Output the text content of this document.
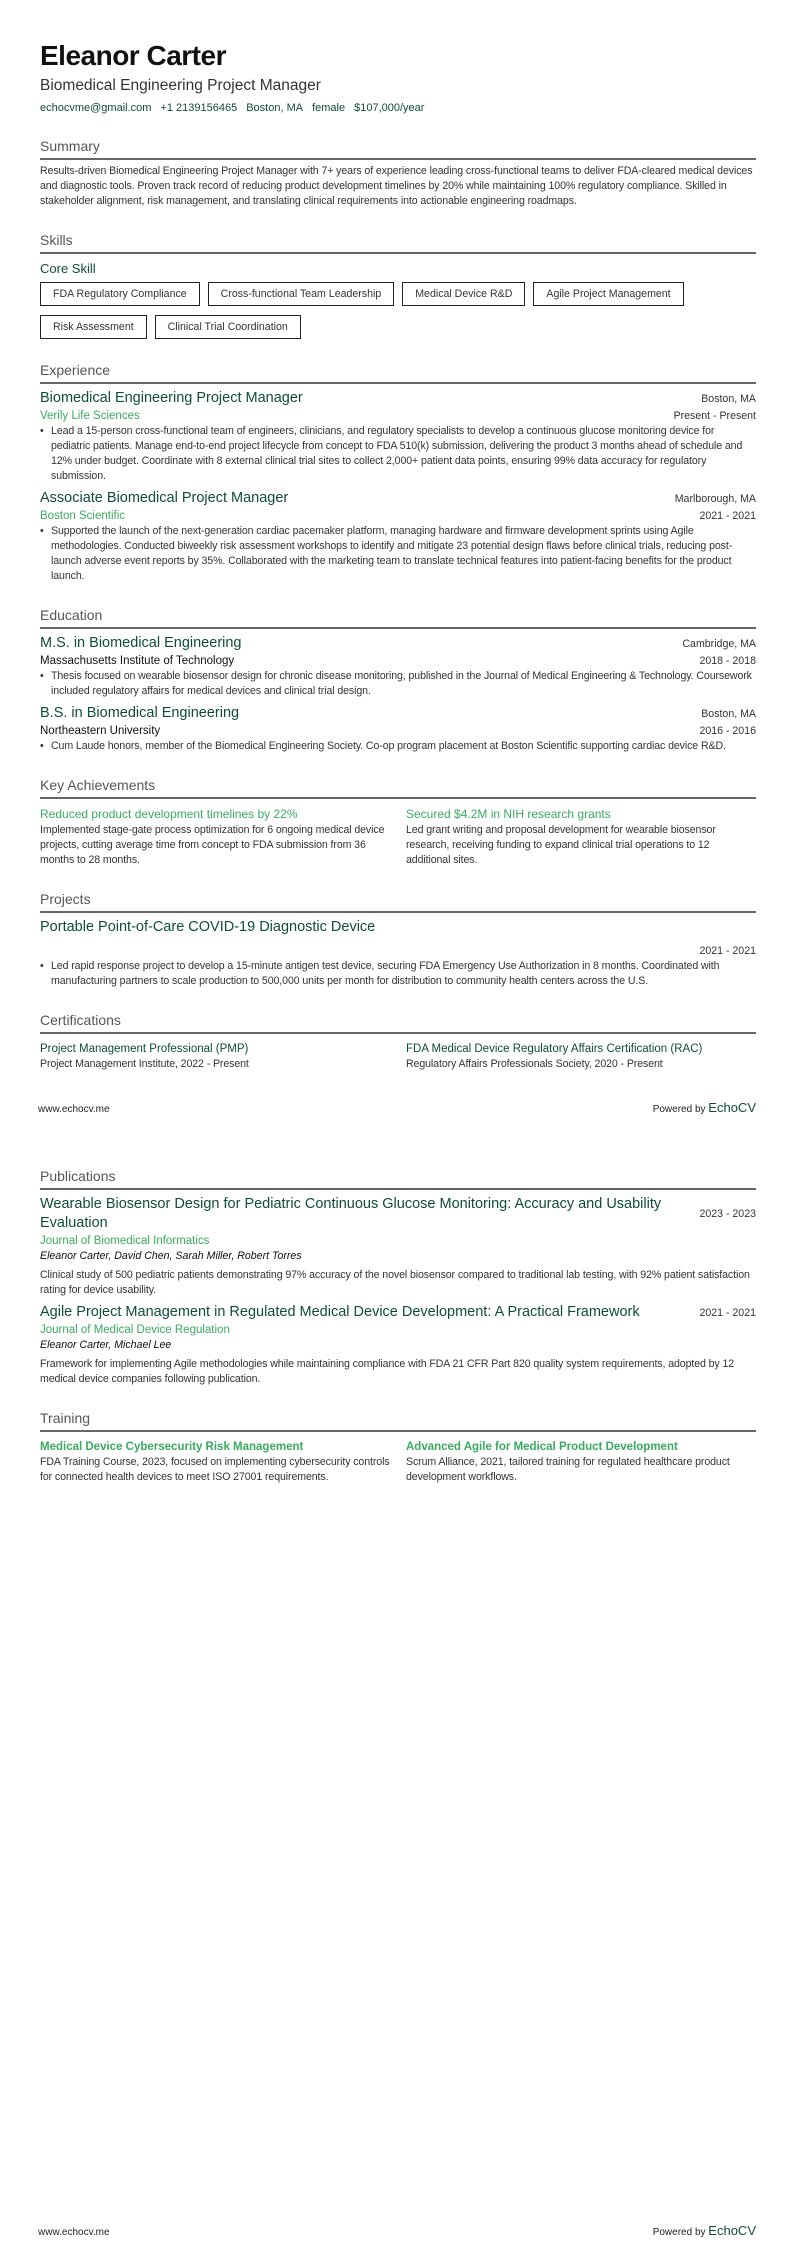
Eleanor Carter
Biomedical Engineering Project Manager
echocvme@gmail.com +1 2139156465 Boston, MA female $107,000/year
Summary

Results-driven Biomedical Engineering Project Manager with 7+ years of experience leading cross-functional teams to deliver FDA-cleared medical devices and diagnostic tools. Proven track record of reducing product development timelines by 20% while maintaining 100% regulatory compliance. Skilled in stakeholder alignment, risk management, and translating clinical requirements into actionable engineering roadmaps.

Skills
Core Skill
FDA Regulatory Compliance	Cross-functional Team Leadership	Medical Device R&D	Agile Project Management
Risk Assessment	Clinical Trial Coordination
Experience
Biomedical Engineering Project Manager	Boston, MA
Verily Life Sciences	Present - Present
• Lead a 15-person cross-functional team of engineers, clinicians, and regulatory specialists to develop a continuous glucose monitoring device for pediatric patients. Manage end-to-end project lifecycle from concept to FDA 510(k) submission, delivering the product 3 months ahead of schedule and 12% under budget. Coordinate with 8 external clinical trial sites to collect 2,000+ patient data points, ensuring 99% data accuracy for regulatory submission.
Associate Biomedical Project Manager	Marlborough, MA
Boston Scientific	2021 - 2021
• Supported the launch of the next-generation cardiac pacemaker platform, managing hardware and firmware development sprints using Agile methodologies. Conducted biweekly risk assessment workshops to identify and mitigate 23 potential design flaws before clinical trials, reducing post-launch adverse event reports by 35%. Collaborated with the marketing team to translate technical features into patient-facing benefits for the product launch.
Education
M.S. in Biomedical Engineering	Cambridge, MA
Massachusetts Institute of Technology	2018 - 2018
• Thesis focused on wearable biosensor design for chronic disease monitoring, published in the Journal of Medical Engineering & Technology. Coursework included regulatory affairs for medical devices and clinical trial design.
B.S. in Biomedical Engineering	Boston, MA
Northeastern University	2016 - 2016
• Cum Laude honors, member of the Biomedical Engineering Society. Co-op program placement at Boston Scientific supporting cardiac device R&D.
Key Achievements
Reduced product development timelines by 22%

Implemented stage-gate process optimization for 6 ongoing medical device projects, cutting average time from concept to FDA submission from 36 months to 28 months.

Secured $4.2M in NIH research grants

Led grant writing and proposal development for wearable biosensor research, receiving funding to expand clinical trial operations to 12 additional sites.

Projects
Portable Point-of-Care COVID-19 Diagnostic Device
2021 - 2021
• Led rapid response project to develop a 15-minute antigen test device, securing FDA Emergency Use Authorization in 8 months. Coordinated with manufacturing partners to scale production to 500,000 units per month for distribution to community health centers across the U.S.
Certifications
Project Management Professional (PMP)

Project Management Institute, 2022 - Present

FDA Medical Device Regulatory Affairs Certification (RAC)

Regulatory Affairs Professionals Society, 2020 - Present

www.echocv.me	Powered by EchoCV
Publications
Wearable Biosensor Design for Pediatric Continuous Glucose Monitoring: Accuracy and Usability Evaluation
2023 - 2023
Journal of Biomedical Informatics
Eleanor Carter, David Chen, Sarah Miller, Robert Torres

Clinical study of 500 pediatric patients demonstrating 97% accuracy of the novel biosensor compared to traditional lab testing, with 92% patient satisfaction rating for device usability.

Agile Project Management in Regulated Medical Device Development: A Practical Framework	2021 - 2021
Journal of Medical Device Regulation
Eleanor Carter, Michael Lee

Framework for implementing Agile methodologies while maintaining compliance with FDA 21 CFR Part 820 quality system requirements, adopted by 12 medical device companies following publication.

Training
Medical Device Cybersecurity Risk Management

FDA Training Course, 2023, focused on implementing cybersecurity controls for connected health devices to meet ISO 27001 requirements.

Advanced Agile for Medical Product Development

Scrum Alliance, 2021, tailored training for regulated healthcare product development workflows.

www.echocv.me	Powered by EchoCV
